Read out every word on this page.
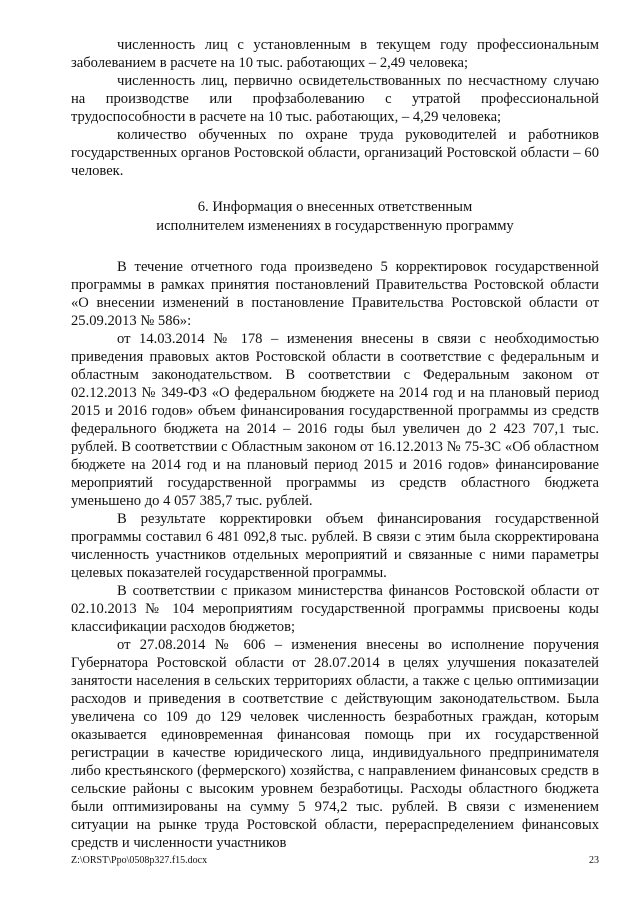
численность лиц с установленным в текущем году профессиональным заболеванием в расчете на 10 тыс. работающих – 2,49 человека;

численность лиц, первично освидетельствованных по несчастному случаю на производстве или профзаболеванию с утратой профессиональной трудоспособности в расчете на 10 тыс. работающих, – 4,29 человека;

количество обученных по охране труда руководителей и работников государственных органов Ростовской области, организаций Ростовской области – 60 человек.

6. Информация о внесенных ответственным

исполнителем изменениях в государственную программу

В течение отчетного года произведено 5 корректировок государственной программы в рамках принятия постановлений Правительства Ростовской области «О внесении изменений в постановление Правительства Ростовской области от 25.09.2013 № 586»:

от 14.03.2014 № 178 – изменения внесены в связи с необходимостью приведения правовых актов Ростовской области в соответствие с федеральным и областным законодательством. В соответствии с Федеральным законом от 02.12.2013 № 349-ФЗ «О федеральном бюджете на 2014 год и на плановый период 2015 и 2016 годов» объем финансирования государственной программы из средств федерального бюджета на 2014 – 2016 годы был увеличен до 2 423 707,1 тыс. рублей. В соответствии с Областным законом от 16.12.2013 № 75-ЗС «Об областном бюджете на 2014 год и на плановый период 2015 и 2016 годов» финансирование мероприятий государственной программы из средств областного бюджета уменьшено до 4 057 385,7 тыс. рублей.

В результате корректировки объем финансирования государственной программы составил 6 481 092,8 тыс. рублей. В связи с этим была скорректирована численность участников отдельных мероприятий и связанные с ними параметры целевых показателей государственной программы.

В соответствии с приказом министерства финансов Ростовской области от 02.10.2013 № 104 мероприятиям государственной программы присвоены коды классификации расходов бюджетов;

от 27.08.2014 № 606 – изменения внесены во исполнение поручения Губернатора Ростовской области от 28.07.2014 в целях улучшения показателей занятости населения в сельских территориях области, а также с целью оптимизации расходов и приведения в соответствие с действующим законодательством. Была увеличена со 109 до 129 человек численность безработных граждан, которым оказывается единовременная финансовая помощь при их государственной регистрации в качестве юридического лица, индивидуального предпринимателя либо крестьянского (фермерского) хозяйства, с направлением финансовых средств в сельские районы с высоким уровнем безработицы. Расходы областного бюджета были оптимизированы на сумму 5 974,2 тыс. рублей. В связи с изменением ситуации на рынке труда Ростовской области, перераспределением финансовых средств и численности участников

Z:\ORST\Ppo\0508p327.f15.docx	23
